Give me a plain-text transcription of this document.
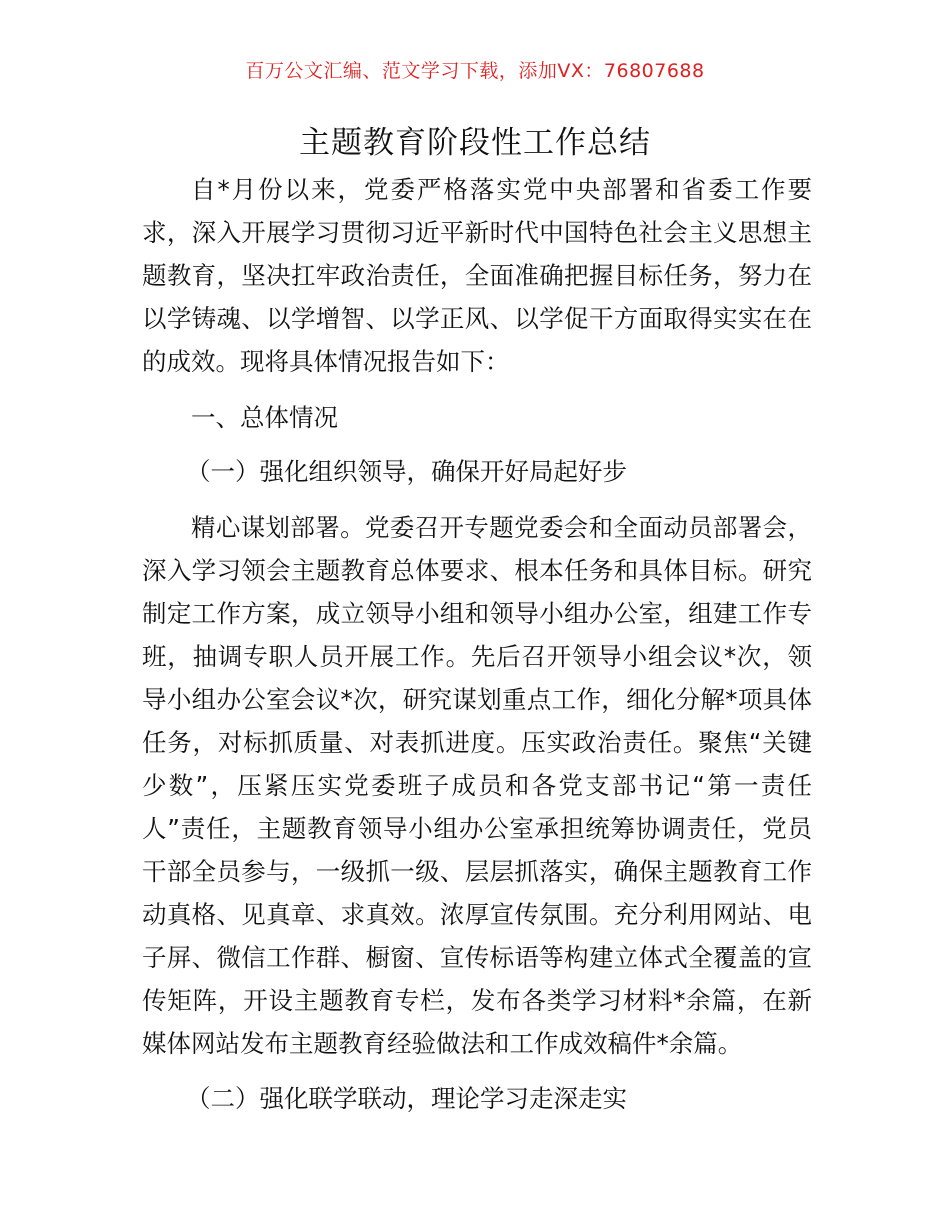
百万公文汇编、范文学习下载，添加VX：76807688
主题教育阶段性工作总结

自*月份以来，党委严格落实党中央部署和省委工作要求，深入开展学习贯彻习近平新时代中国特色社会主义思想主题教育，坚决扛牢政治责任，全面准确把握目标任务，努力在以学铸魂、以学增智、以学正风、以学促干方面取得实实在在的成效。现将具体情况报告如下：

一、总体情况

（一）强化组织领导，确保开好局起好步

精心谋划部署。党委召开专题党委会和全面动员部署会，深入学习领会主题教育总体要求、根本任务和具体目标。研究制定工作方案，成立领导小组和领导小组办公室，组建工作专班，抽调专职人员开展工作。先后召开领导小组会议*次，领导小组办公室会议*次，研究谋划重点工作，细化分解*项具体任务，对标抓质量、对表抓进度。压实政治责任。聚焦“关键少数”，压紧压实党委班子成员和各党支部书记“第一责任人”责任，主题教育领导小组办公室承担统筹协调责任，党员干部全员参与，一级抓一级、层层抓落实，确保主题教育工作动真格、见真章、求真效。浓厚宣传氛围。充分利用网站、电子屏、微信工作群、橱窗、宣传标语等构建立体式全覆盖的宣传矩阵，开设主题教育专栏，发布各类学习材料*余篇，在新媒体网站发布主题教育经验做法和工作成效稿件*余篇。

（二）强化联学联动，理论学习走深走实
